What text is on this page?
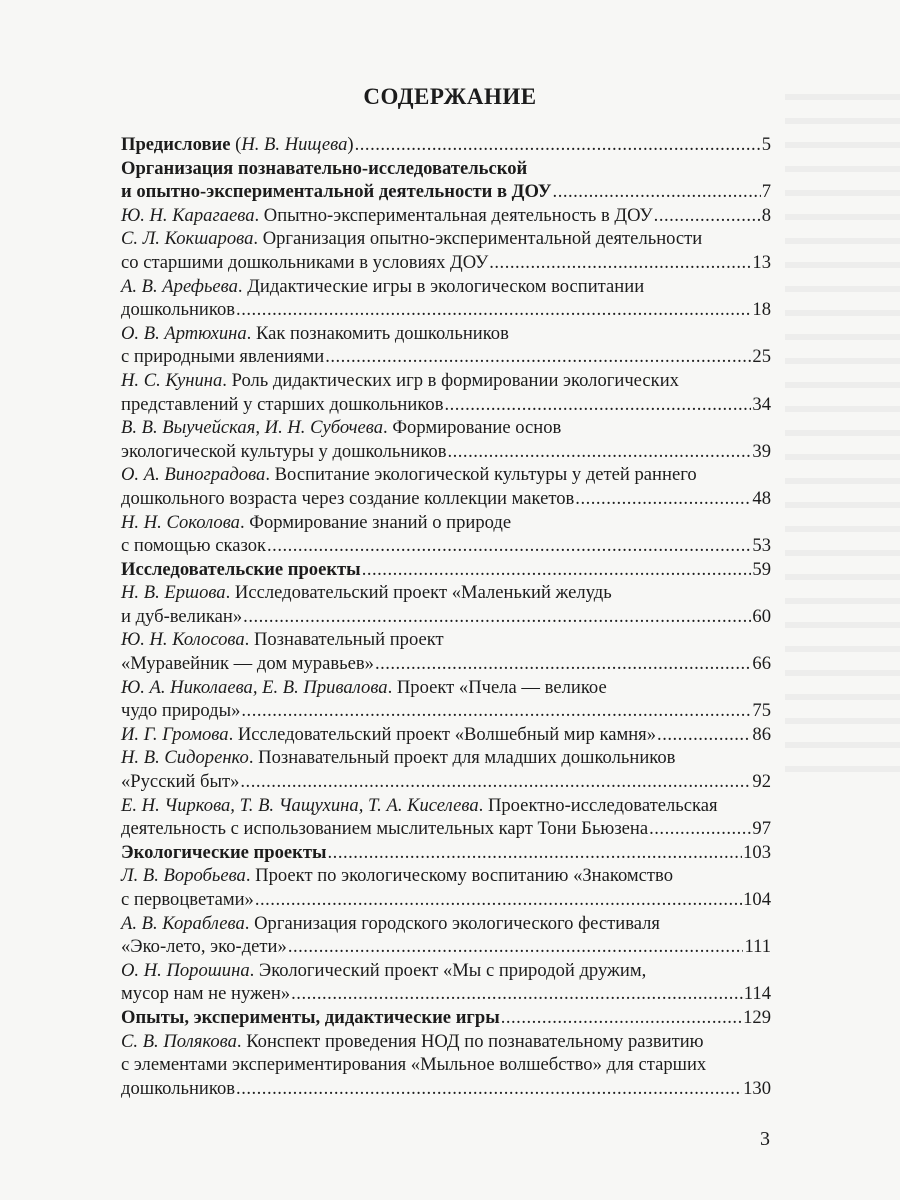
СОДЕРЖАНИЕ
Предисловие (Н. В. Нищева) .....	5
Организация познавательно-исследовательской
и опытно-экспериментальной деятельности в ДОУ .....	7
Ю. Н. Карагаева. Опытно-экспериментальная деятельность в ДОУ .....	8
С. Л. Кокшарова. Организация опытно-экспериментальной деятельности
со старшими дошкольниками в условиях ДОУ .....	13
А. В. Арефьева. Дидактические игры в экологическом воспитании
дошкольников .....	18
О. В. Артюхина. Как познакомить дошкольников
с природными явлениями .....	25
Н. С. Кунина. Роль дидактических игр в формировании экологических
представлений у старших дошкольников .....	34
В. В. Выучейская, И. Н. Субочева. Формирование основ
экологической культуры у дошкольников .....	39
О. А. Виноградова. Воспитание экологической культуры у детей раннего
дошкольного возраста через создание коллекции макетов .....	48
Н. Н. Соколова. Формирование знаний о природе
с помощью сказок .....	53
Исследовательские проекты .....	59
Н. В. Ершова. Исследовательский проект «Маленький желудь
и дуб-великан» .....	60
Ю. Н. Колосова. Познавательный проект
«Муравейник — дом муравьев» .....	66
Ю. А. Николаева, Е. В. Привалова. Проект «Пчела — великое
чудо природы» .....	75
И. Г. Громова. Исследовательский проект «Волшебный мир камня» .....	86
Н. В. Сидоренко. Познавательный проект для младших дошкольников
«Русский быт» .....	92
Е. Н. Чиркова, Т. В. Чащухина, Т. А. Киселева. Проектно-исследовательская
деятельность с использованием мыслительных карт Тони Бьюзена .....	97
Экологические проекты .....	103
Л. В. Воробьева. Проект по экологическому воспитанию «Знакомство
с первоцветами» .....	104
А. В. Кораблева. Организация городского экологического фестиваля
«Эко-лето, эко-дети» .....	111
О. Н. Порошина. Экологический проект «Мы с природой дружим,
мусор нам не нужен» .....	114
Опыты, эксперименты, дидактические игры .....	129
С. В. Полякова. Конспект проведения НОД по познавательному развитию
с элементами экспериментирования «Мыльное волшебство» для старших
дошкольников .....	130
3
